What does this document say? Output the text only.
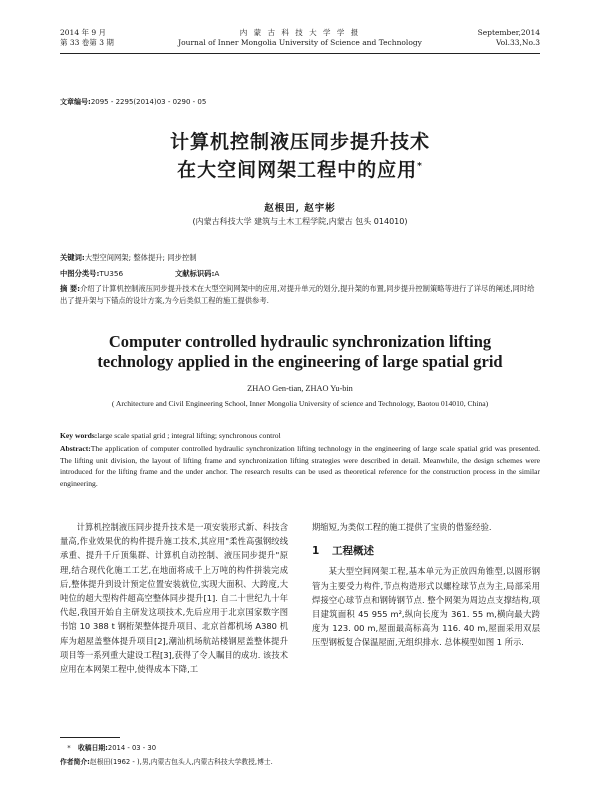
2014 年 9 月
第 33 卷第 3 期
内 蒙 古 科 技 大 学 学 报
Journal of Inner Mongolia University of Science and Technology
September,2014
Vol.33,No.3
文章编号:2095 - 2295(2014)03 - 0290 - 05
计算机控制液压同步提升技术
在大空间网架工程中的应用*
赵根田, 赵宇彬
(内蒙古科技大学 建筑与土木工程学院,内蒙古 包头 014010)
关键词:大型空间网架; 整体提升; 同步控制
中图分类号:TU356	文献标识码:A
摘 要:介绍了计算机控制液压同步提升技术在大型空间网架中的应用,对提升单元的划分,提升架的布置,同步提升控制策略等进行了详尽的阐述,同时给出了提升架与下锚点的设计方案,为今后类似工程的施工提供参考.
Computer controlled hydraulic synchronization lifting
technology applied in the engineering of large spatial grid
ZHAO Gen-tian, ZHAO Yu-bin
( Architecture and Civil Engineering School, Inner Mongolia University of science and Technology, Baotou 014010, China)
Key words:large scale spatial grid ; integral lifting; synchronous control
Abstract:The application of computer controlled hydraulic synchronization lifting technology in the engineering of large scale spatial grid was presented. The lifting unit division, the layout of lifting frame and synchronization lifting strategies were described in detail. Meanwhile, the design schemes were introduced for the lifting frame and the under anchor. The research results can be used as theoretical reference for the construction process in the similar engineering.

计算机控制液压同步提升技术是一项安装形式新、科技含量高,作业效果优的构件提升施工技术,其应用"柔性高强钢绞线承重、提升千斤顶集群、计算机自动控制、液压同步提升"原理,结合现代化施工工艺,在地面将成千上万吨的构件拼装完成后,整体提升到设计预定位置安装就位,实现大面积、大跨度,大吨位的超大型构件超高空整体同步提升[1]. 自二十世纪九十年代起,我国开始自主研发这项技术,先后应用于北京国家数字图书馆 10 388 t 钢桁架整体提升项目、北京首都机场 A380 机库为超屋盖整体提升项目[2],潮汕机场航站楼钢屋盖整体提升项目等一系列重大建设工程[3],获得了令人瞩目的成功. 该技术应用在本网架工程中,使得成本下降,工

期缩短,为类似工程的施工提供了宝贵的借鉴经验.

1 工程概述

某大型空间网架工程,基本单元为正放四角锥型,以圆形钢管为主要受力构件,节点构造形式以螺栓球节点为主,局部采用焊接空心球节点和钢铸钢节点. 整个网架为周边点支撑结构,项目建筑面积 45 955 m²,纵向长度为 361. 55 m,横向最大跨度为 123. 00 m,屋面最高标高为 116. 40 m,屋面采用双层压型钢板复合保温屋面,无组织排水. 总体模型如图 1 所示.

* 收稿日期:2014 - 03 - 30
作者简介:赵根田(1962 - ),男,内蒙古包头人,内蒙古科技大学教授,博士.
